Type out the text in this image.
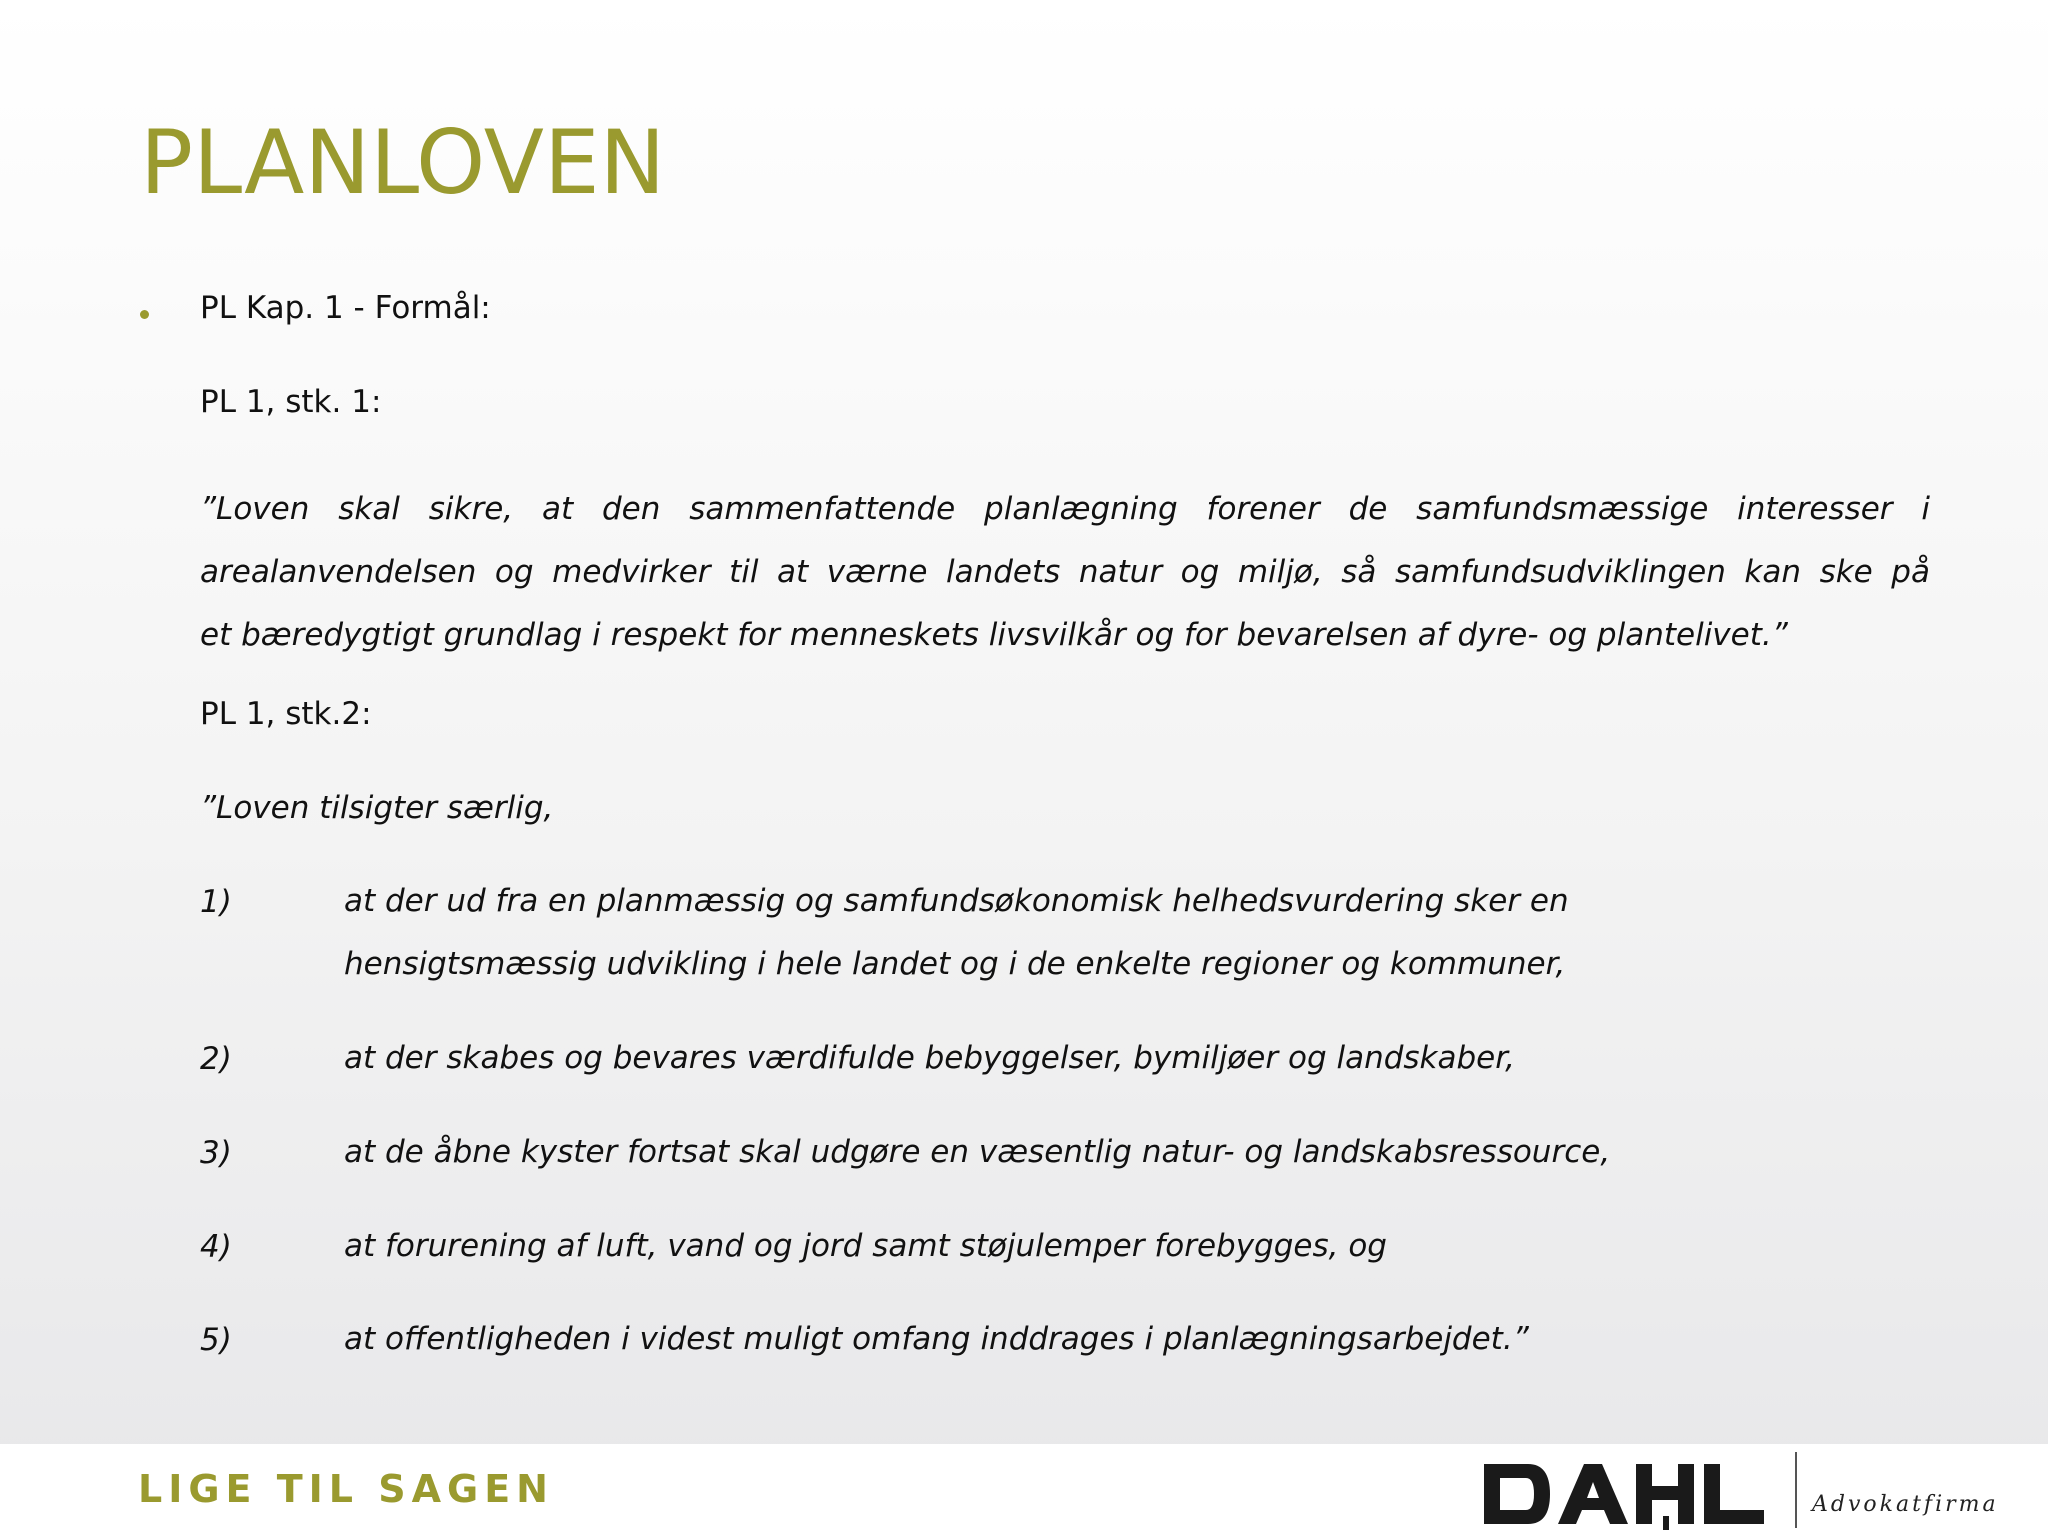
PLANLOVEN
PL Kap. 1 - Formål:
PL 1, stk. 1:
”Loven skal sikre, at den sammenfattende planlægning forener de samfundsmæssige interesser i
arealanvendelsen og medvirker til at værne landets natur og miljø, så samfundsudviklingen kan ske på
et bæredygtigt grundlag i respekt for menneskets livsvilkår og for bevarelsen af dyre- og plantelivet.”
PL 1, stk.2:
”Loven tilsigter særlig,
1)	at der ud fra en planmæssig og samfundsøkonomisk helhedsvurdering sker en
hensigtsmæssig udvikling i hele landet og i de enkelte regioner og kommuner,
2)	at der skabes og bevares værdifulde bebyggelser, bymiljøer og landskaber,
3)	at de åbne kyster fortsat skal udgøre en væsentlig natur- og landskabsressource,
4)	at forurening af luft, vand og jord samt støjulemper forebygges, og
5)	at offentligheden i videst muligt omfang inddrages i planlægningsarbejdet.”
LIGE TIL SAGEN	Advokatfirma
